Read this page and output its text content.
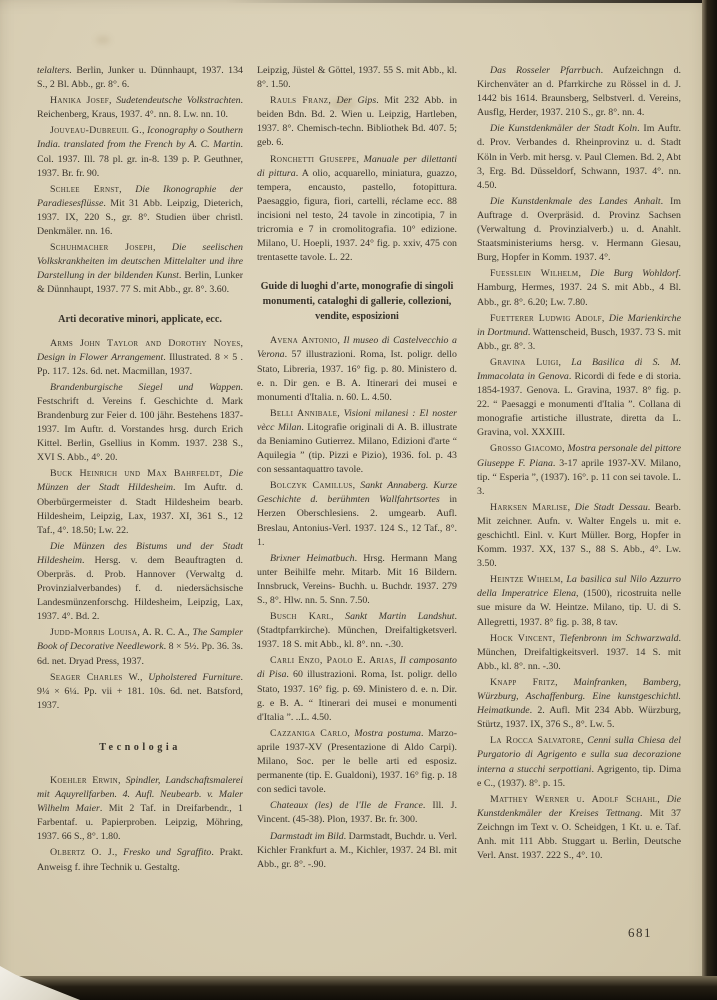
telalters. Berlin, Junker u. Dünnhaupt, 1937. 134 S., 2 Bl. Abb., gr. 8°. 6.

Hanika Josef, Sudetendeutsche Volkstrachten. Reichenberg, Kraus, 1937. 4°. nn. 8. Lw. nn. 10.

Jouveau-Dubreuil G., Iconography o Southern India. translated from the French by A. C. Martin. Col. 1937. Ill. 78 pl. gr. in-8. 139 p. P. Geuthner, 1937. Br. fr. 90.

Schlee Ernst, Die Ikonographie der Paradiesesflüsse. Mit 31 Abb. Leipzig, Dieterich, 1937. IX, 220 S., gr. 8°. Studien über christl. Denkmäler. nn. 16.

Schuhmacher Joseph, Die seelischen Volkskrankheiten im deutschen Mittelalter und ihre Darstellung in der bildenden Kunst. Berlin, Lunker & Dünnhaupt, 1937. 77 S. mit Abb., gr. 8°. 3.60.

Arti decorative minori, applicate, ecc.

Arms John Taylor and Dorothy Noyes, Design in Flower Arrangement. Illustrated. 8 × 5 . Pp. 117. 12s. 6d. net. Macmillan, 1937.

Brandenburgische Siegel und Wappen. Festschrift d. Vereins f. Geschichte d. Mark Brandenburg zur Feier d. 100 jähr. Bestehens 1837-1937. Im Auftr. d. Vorstandes hrsg. durch Erich Kittel. Berlin, Gsellius in Komm. 1937. 238 S., XVI S. Abb., 4°. 20.

Buck Heinrich und Max Bahrfeldt, Die Münzen der Stadt Hildesheim. Im Auftr. d. Oberbürgermeister d. Stadt Hildesheim bearb. Hildesheim, Leipzig, Lax, 1937. XI, 361 S., 12 Taf., 4°. 18.50; Lw. 22.

Die Münzen des Bistums und der Stadt Hildesheim. Hersg. v. dem Beauftragten d. Oberpräs. d. Prob. Hannover (Verwaltg d. Provinzialverbandes) f. d. niedersächsische Landesmünzenforschg. Hildesheim, Leipzig, Lax, 1937. 4°. Bd. 2.

Judd-Morris Louisa, A. R. C. A., The Sampler Book of Decorative Needlework. 8 × 5½. Pp. 36. 3s. 6d. net. Dryad Press, 1937.

Seager Charles W., Upholstered Furniture. 9¼ × 6¼. Pp. vii + 181. 10s. 6d. net. Batsford, 1937.

Tecnologia

Koehler Erwin, Spindler, Landschaftsmalerei mit Aquyrellfarben. 4. Aufl. Neubearb. v. Maler Wilhelm Maier. Mit 2 Taf. in Dreifarbendr., 1 Farbentaf. u. Papierproben. Leipzig, Möhring, 1937. 66 S., 8°. 1.80.

Olbertz O. J., Fresko und Sgraffito. Prakt. Anweisg f. ihre Technik u. Gestaltg.

Leipzig, Jüstel & Göttel, 1937. 55 S. mit Abb., kl. 8°. 1.50.

Rauls Franz, Der Gips. Mit 232 Abb. in beiden Bdn. Bd. 2. Wien u. Leipzig, Hartleben, 1937. 8°. Chemisch-techn. Bibliothek Bd. 407. 5; geb. 6.

Ronchetti Giuseppe, Manuale per dilettanti di pittura. A olio, acquarello, miniatura, guazzo, tempera, encausto, pastello, fotopittura. Paesaggio, figura, fiori, cartelli, réclame ecc. 88 incisioni nel testo, 24 tavole in zincotipia, 7 in tricromia e 7 in cromolitografia. 10° edizione. Milano, U. Hoepli, 1937. 24° fig. p. xxiv, 475 con trentasette tavole. L. 22.

Guide di luoghi d'arte, monografie di singoli monumenti, cataloghi di gallerie, collezioni, vendite, esposizioni

Avena Antonio, Il museo di Castelvecchio a Verona. 57 illustrazioni. Roma, Ist. poligr. dello Stato, Libreria, 1937. 16° fig. p. 80. Ministero d. e. n. Dir gen. e B. A. Itinerari dei musei e monumenti d'Italia. n. 60. L. 4.50.

Belli Annibale, Visioni milanesi : El noster vècc Milan. Litografie originali di A. B. illustrate da Beniamino Gutierrez. Milano, Edizioni d'arte “ Aquilegia ” (tip. Pizzi e Pizio), 1936. fol. p. 43 con sessantaquattro tavole.

Bolczyk Camillus, Sankt Annaberg. Kurze Geschichte d. berühmten Wallfahrtsortes in Herzen Oberschlesiens. 2. umgearb. Aufl. Breslau, Antonius-Verl. 1937. 124 S., 12 Taf., 8°. 1.

Brixner Heimatbuch. Hrsg. Hermann Mang unter Beihilfe mehr. Mitarb. Mit 16 Bildern. Innsbruck, Vereins- Buchh. u. Buchdr. 1937. 279 S., 8°. Hlw. nn. 5. Snn. 7.50.

Busch Karl, Sankt Martin Landshut. (Stadtpfarrkirche). München, Dreifaltigketsverl. 1937. 18 S. mit Abb., kl. 8°. nn. -.30.

Carli Enzo, Paolo E. Arias, Il camposanto di Pisa. 60 illustrazioni. Roma, Ist. poligr. dello Stato, 1937. 16° fig. p. 69. Ministero d. e. n. Dir. g. e B. A. “ Itinerari dei musei e monumenti d'Italia ”. ..L. 4.50.

Cazzaniga Carlo, Mostra postuma. Marzo-aprile 1937-XV (Presentazione di Aldo Carpi). Milano, Soc. per le belle arti ed esposiz. permanente (tip. E. Gualdoni), 1937. 16° fig. p. 18 con sedici tavole.

Chateaux (les) de l'Ile de France. Ill. J. Vincent. (45-38). Plon, 1937. Br. fr. 300.

Darmstadt im Bild. Darmstadt, Buchdr. u. Verl. Kichler Frankfurt a. M., Kichler, 1937. 24 Bl. mit Abb., gr. 8°. -.90.

Das Rosseler Pfarrbuch. Aufzeichngn d. Kirchenväter an d. Pfarrkirche zu Rössel in d. J. 1442 bis 1614. Braunsberg, Selbstverl. d. Vereins, Ausflg, Herder, 1937. 210 S., gr. 8°. nn. 4.

Die Kunstdenkmäler der Stadt Koln. Im Auftr. d. Prov. Verbandes d. Rheinprovinz u. d. Stadt Köln in Verb. mit hersg. v. Paul Clemen. Bd. 2, Abt 3, Erg. Bd. Düsseldorf, Schwann, 1937. 4°. nn. 4.50.

Die Kunstdenkmale des Landes Anhalt. Im Auftrage d. Overpräsid. d. Provinz Sachsen (Verwaltung d. Provinzialverb.) u. d. Anahlt. Staatsministeriums hersg. v. Hermann Giesau, Burg, Hopfer in Komm. 1937. 4°.

Fuesslein Wilhelm, Die Burg Wohldorf. Hamburg, Hermes, 1937. 24 S. mit Abb., 4 Bl. Abb., gr. 8°. 6.20; Lw. 7.80.

Fuetterer Ludwig Adolf, Die Marienkirche in Dortmund. Wattenscheid, Busch, 1937. 73 S. mit Abb., gr. 8°. 3.

Gravina Luigi, La Basilica di S. M. Immacolata in Genova. Ricordi di fede e di storia. 1854-1937. Genova. L. Gravina, 1937. 8° fig. p. 22. “ Paesaggi e monumenti d'Italia ”. Collana di monografie artistiche illustrate, diretta da L. Gravina, vol. XXXIII.

Grosso Giacomo, Mostra personale del pittore Giuseppe F. Piana. 3-17 aprile 1937-XV. Milano, tip. “ Esperia ”, (1937). 16°. p. 11 con sei tavole. L. 3.

Harksen Marlise, Die Stadt Dessau. Bearb. Mit zeichner. Aufn. v. Walter Engels u. mit e. geschichtl. Einl. v. Kurt Müller. Borg, Hopfer in Komm. 1937. XX, 137 S., 88 S. Abb., 4°. Lw. 3.50.

Heintze Wihelm, La basilica sul Nilo Azzurro della Imperatrice Elena, (1500), ricostruita nelle sue misure da W. Heintze. Milano, tip. U. di S. Allegretti, 1937. 8° fig. p. 38, 8 tav.

Hock Vincent, Tiefenbronn im Schwarzwald. München, Dreifaltigkeitsverl. 1937. 14 S. mit Abb., kl. 8°. nn. -.30.

Knapp Fritz, Mainfranken, Bamberg, Würzburg, Aschaffenburg. Eine kunstgeschichtl. Heimatkunde. 2. Aufl. Mit 234 Abb. Würzburg, Stürtz, 1937. IX, 376 S., 8°. Lw. 5.

La Rocca Salvatore, Cenni sulla Chiesa del Purgatorio di Agrigento e sulla sua decorazione interna a stucchi serpottiani. Agrigento, tip. Dima e C., (1937). 8°. p. 15.

Matthey Werner u. Adolf Schahl, Die Kunstdenkmäler der Kreises Tettnang. Mit 37 Zeichngn im Text v. O. Scheidgen, 1 Kt. u. e. Taf. Anh. mit 111 Abb. Stuggart u. Berlin, Deutsche Verl. Anst. 1937. 222 S., 4°. 10.

681
